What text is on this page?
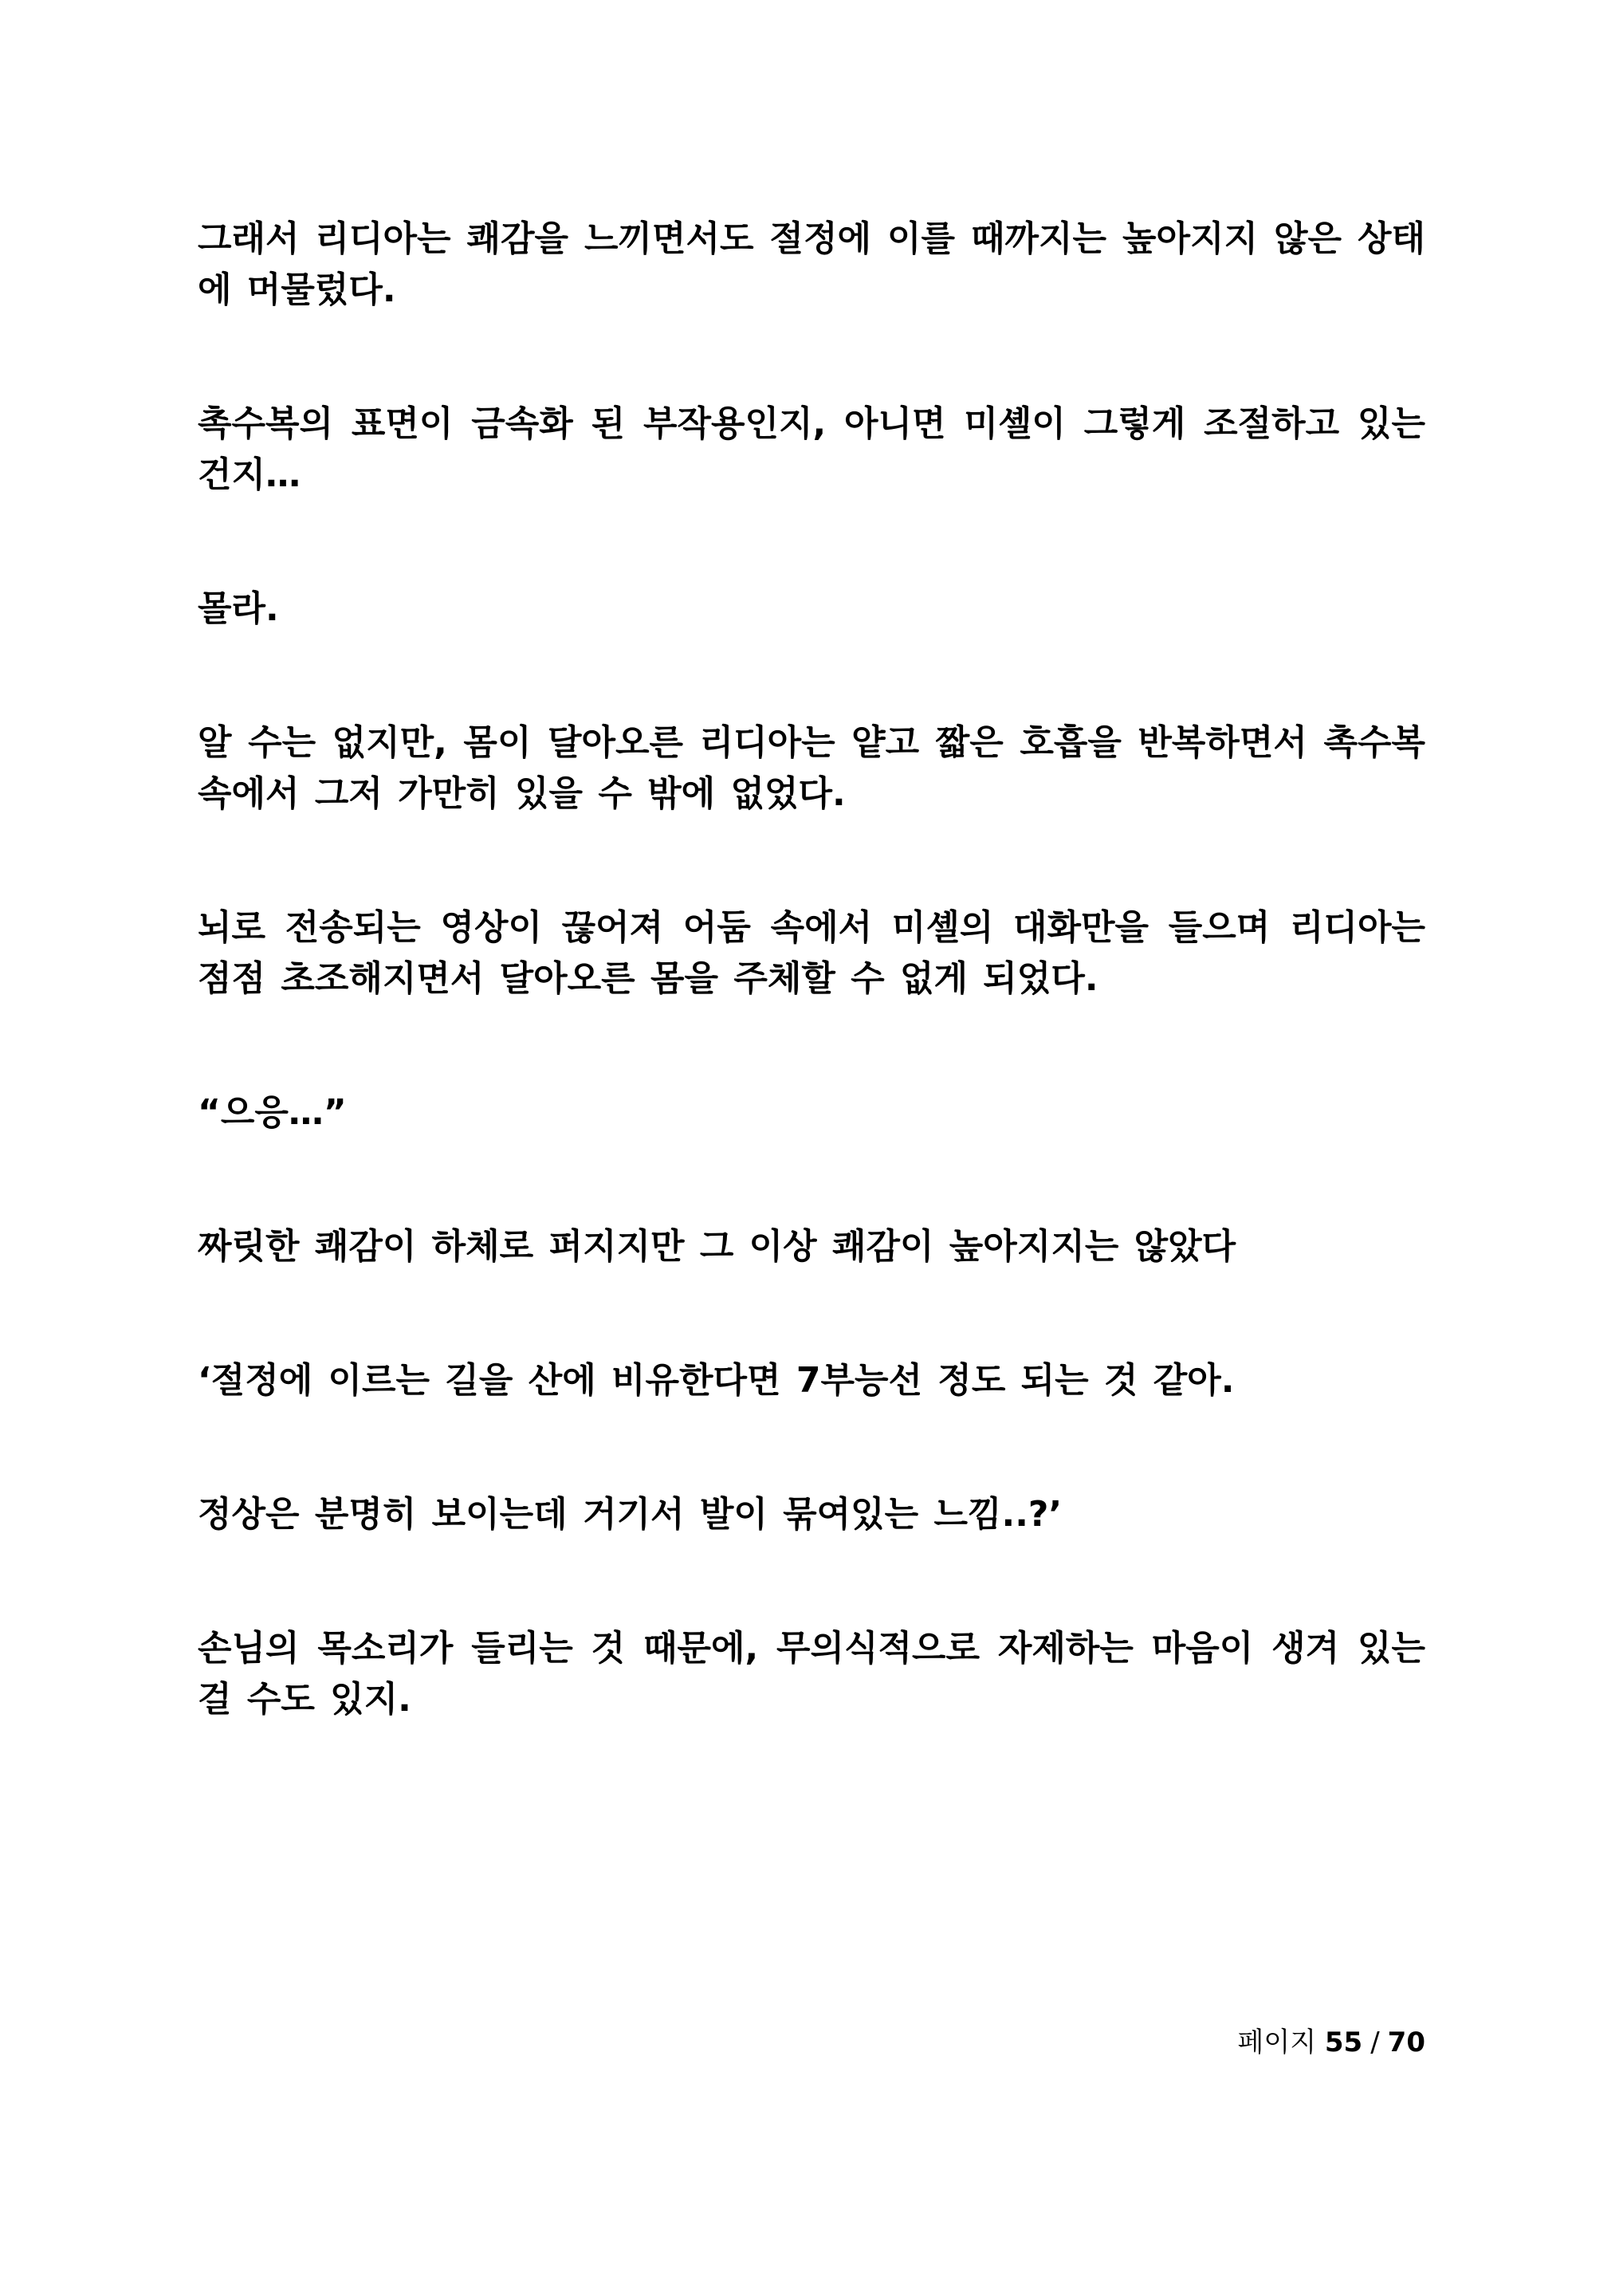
그래서 리디아는 쾌감을 느끼면서도 절정에 이를 때까지는 높아지지 않은 상태에 머물렀다.

촉수복의 표면이 금속화 된 부작용인지, 아니면 미셸이 그렇게 조절하고 있는건지…

몰라.

알 수는 없지만, 몸이 달아오른 리디아는 얕고 짧은 호흡을 반복하면서 촉수복 속에서 그저 가만히 있을 수 밖에 없었다.

뇌로 전송되는 영상이 끊어져 어둠 속에서 미셸의 대화만을 들으며 리디아는 점점 초조해지면서 달아오른 몸을 주체할 수 없게 되었다.

“으응…”

짜릿한 쾌감이 하체로 퍼지지만 그 이상 쾌감이 높아지지는 않았다

‘절정에 이르는 길을 산에 비유한다면 7부능선 정도 되는 것 같아.

정상은 분명히 보이는데 거기서 발이 묶여있는 느낌..?’

손님의 목소리가 들리는 것 때문에, 무의식적으로 자제하는 마음이 생겨 있는걸 수도 있지.

페이지 55 / 70
